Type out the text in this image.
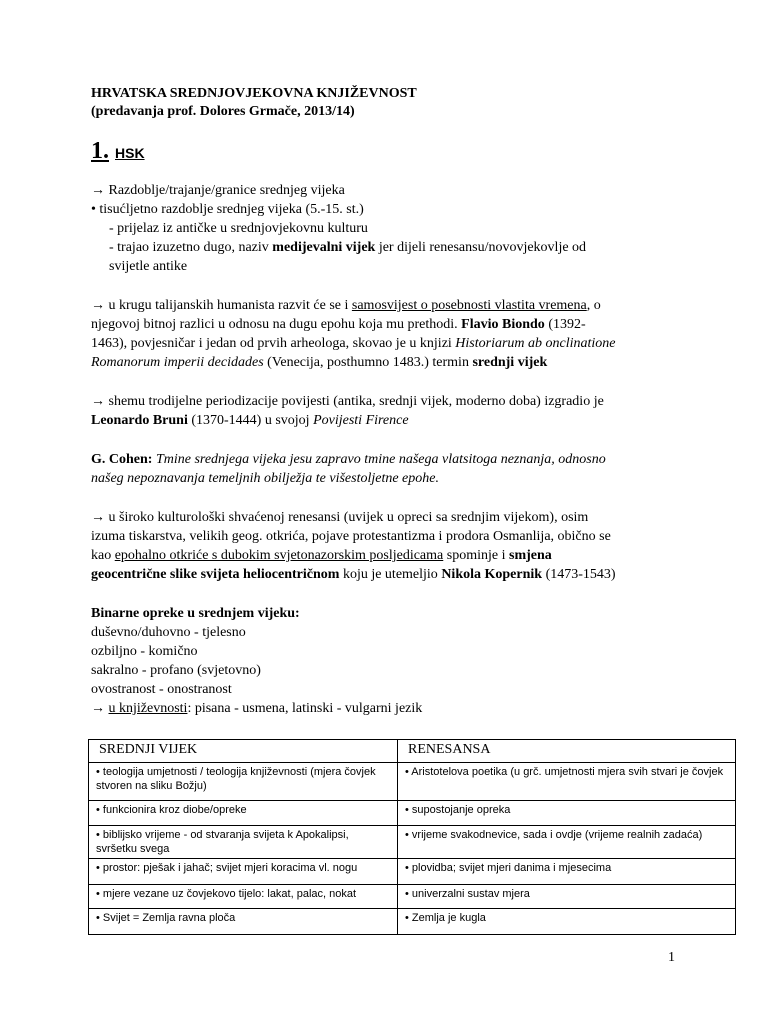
HRVATSKA SREDNJOVJEKOVNA KNJIŽEVNOST
(predavanja prof. Dolores Grmače, 2013/14)
1. HSK
→ Razdoblje/trajanje/granice srednjeg vijeka
• tisućljetno razdoblje srednjeg vijeka (5.-15. st.)
- prijelaz iz antičke u srednjovjekovnu kulturu
- trajao izuzetno dugo, naziv medijevalni vijek jer dijeli renesansu/novovjekovlje od
svijetle antike
→ u krugu talijanskih humanista razvit će se i samosvijest o posebnosti vlastita vremena, o
njegovoj bitnoj razlici u odnosu na dugu epohu koja mu prethodi. Flavio Biondo (1392-
1463), povjesničar i jedan od prvih arheologa, skovao je u knjizi Historiarum ab onclinatione
Romanorum imperii decidades (Venecija, posthumno 1483.) termin srednji vijek
→ shemu trodijelne periodizacije povijesti (antika, srednji vijek, moderno doba) izgradio je
Leonardo Bruni (1370-1444) u svojoj Povijesti Firence
G. Cohen: Tmine srednjega vijeka jesu zapravo tmine našega vlatsitoga neznanja, odnosno
našeg nepoznavanja temeljnih obilježja te višestoljetne epohe.
→ u široko kulturološki shvaćenoj renesansi (uvijek u opreci sa srednjim vijekom), osim
izuma tiskarstva, velikih geog. otkrića, pojave protestantizma i prodora Osmanlija, obično se
kao epohalno otkriće s dubokim svjetonazorskim posljedicama spominje i smjena
geocentrične slike svijeta heliocentričnom koju je utemeljio Nikola Kopernik (1473-1543)
Binarne opreke u srednjem vijeku:
duševno/duhovno - tjelesno
ozbiljno - komično
sakralno - profano (svjetovno)
ovostranost - onostranost
→ u književnosti: pisana - usmena, latinski - vulgarni jezik
SREDNJI VIJEK	RENESANSA
• teologija umjetnosti / teologija književnosti (mjera čovjek stvoren na sliku Božju)	• Aristotelova poetika (u grč. umjetnosti mjera svih stvari je čovjek
• funkcionira kroz diobe/opreke	• supostojanje opreka
• biblijsko vrijeme - od stvaranja svijeta k Apokalipsi, svršetku svega	• vrijeme svakodnevice, sada i ovdje (vrijeme realnih zadaća)
• prostor: pješak i jahač; svijet mjeri koracima vl. nogu	• plovidba; svijet mjeri danima i mjesecima
• mjere vezane uz čovjekovo tijelo: lakat, palac, nokat	• univerzalni sustav mjera
• Svijet = Zemlja ravna ploča	• Zemlja je kugla
1
